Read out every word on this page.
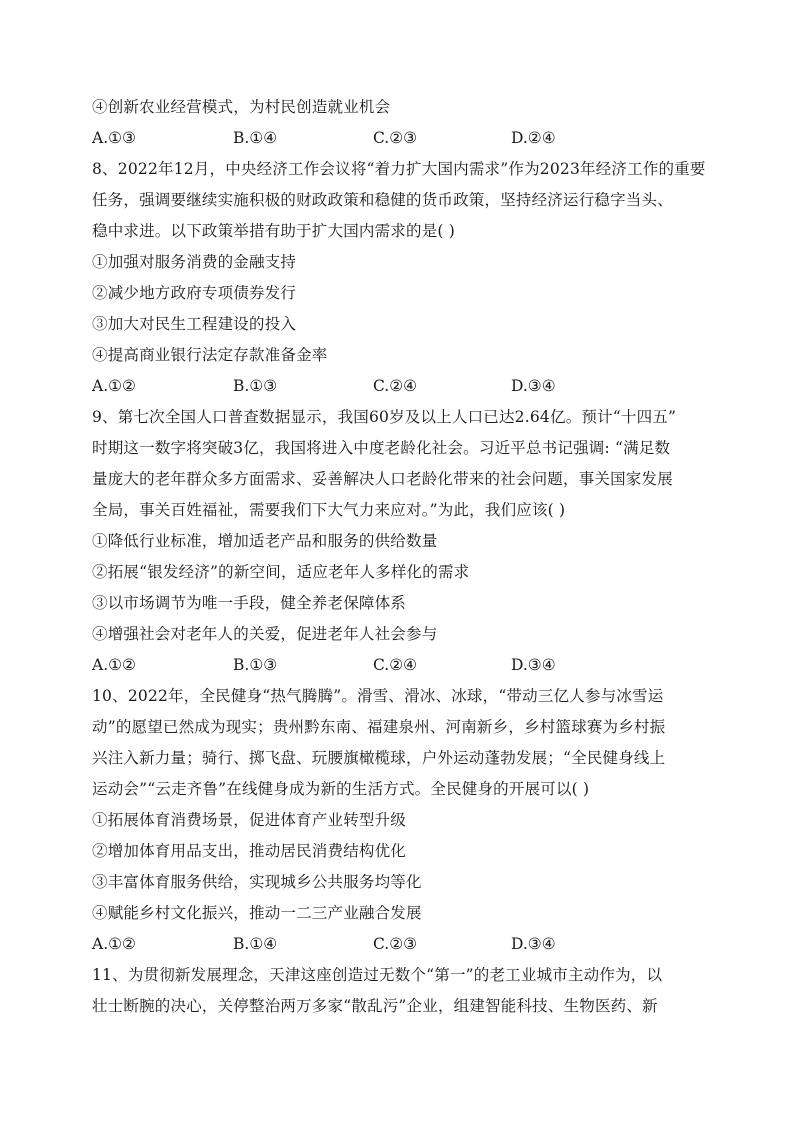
④创新农业经营模式，为村民创造就业机会
A.①③	B.①④	C.②③	D.②④
8、2022年12月，中央经济工作会议将“着力扩大国内需求”作为2023年经济工作的重要
任务，强调要继续实施积极的财政政策和稳健的货币政策，坚持经济运行稳字当头、
稳中求进。以下政策举措有助于扩大国内需求的是( )
①加强对服务消费的金融支持
②减少地方政府专项债券发行
③加大对民生工程建设的投入
④提高商业银行法定存款准备金率
A.①②	B.①③	C.②④	D.③④
9、第七次全国人口普查数据显示，我国60岁及以上人口已达2.64亿。预计“十四五”
时期这一数字将突破3亿，我国将进入中度老龄化社会。习近平总书记强调: “满足数
量庞大的老年群众多方面需求、妥善解决人口老龄化带来的社会问题，事关国家发展
全局，事关百姓福祉，需要我们下大气力来应对。”为此，我们应该( )
①降低行业标准，增加适老产品和服务的供给数量
②拓展“银发经济”的新空间，适应老年人多样化的需求
③以市场调节为唯一手段，健全养老保障体系
④增强社会对老年人的关爱，促进老年人社会参与
A.①②	B.①③	C.②④	D.③④
10、2022年，全民健身“热气腾腾”。滑雪、滑冰、冰球，“带动三亿人参与冰雪运
动”的愿望已然成为现实；贵州黔东南、福建泉州、河南新乡，乡村篮球赛为乡村振
兴注入新力量；骑行、掷飞盘、玩腰旗橄榄球，户外运动蓬勃发展；“全民健身线上
运动会”“云走齐鲁”在线健身成为新的生活方式。全民健身的开展可以( )
①拓展体育消费场景，促进体育产业转型升级
②增加体育用品支出，推动居民消费结构优化
③丰富体育服务供给，实现城乡公共服务均等化
④赋能乡村文化振兴，推动一二三产业融合发展
A.①②	B.①④	C.②③	D.③④
11、为贯彻新发展理念，天津这座创造过无数个“第一”的老工业城市主动作为，以
壮士断腕的决心，关停整治两万多家“散乱污”企业，组建智能科技、生物医药、新
